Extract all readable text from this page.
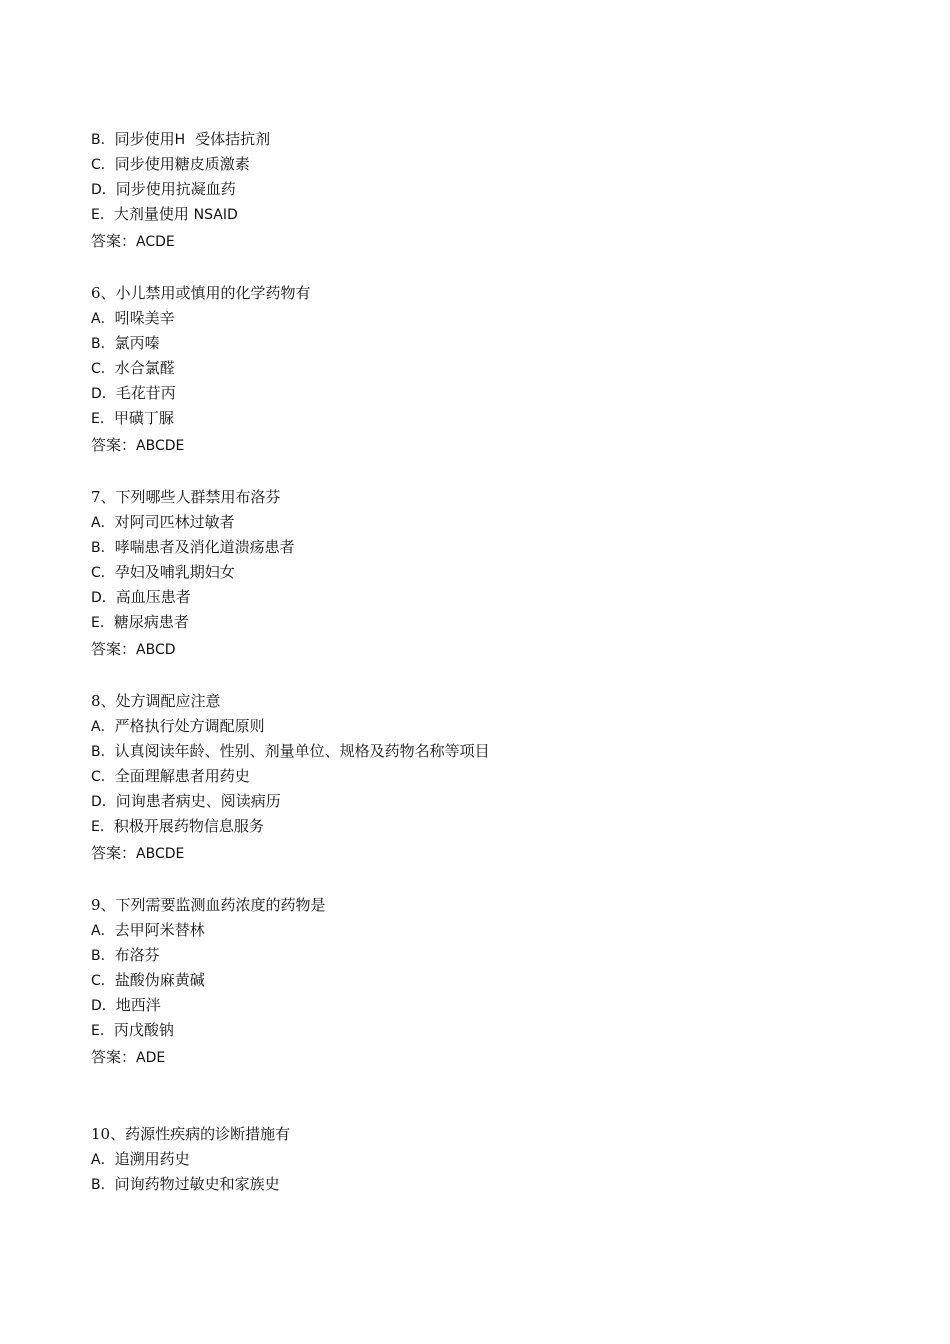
B．同步使用H 受体拮抗剂
C．同步使用糖皮质激素
D．同步使用抗凝血药
E．大剂量使用 NSAID
答案：ACDE
6、小儿禁用或慎用的化学药物有
A．吲哚美辛
B．氯丙嗪
C．水合氯醛
D．毛花苷丙
E．甲磺丁脲
答案：ABCDE
7、下列哪些人群禁用布洛芬
A．对阿司匹林过敏者
B．哮喘患者及消化道溃疡患者
C．孕妇及哺乳期妇女
D．高血压患者
E．糖尿病患者
答案：ABCD
8、处方调配应注意
A．严格执行处方调配原则
B．认真阅读年龄、性别、剂量单位、规格及药物名称等项目
C．全面理解患者用药史
D．问询患者病史、阅读病历
E．积极开展药物信息服务
答案：ABCDE
9、下列需要监测血药浓度的药物是
A．去甲阿米替林
B．布洛芬
C．盐酸伪麻黄碱
D．地西泮
E．丙戊酸钠
答案：ADE
10、药源性疾病的诊断措施有
A．追溯用药史
B．问询药物过敏史和家族史
